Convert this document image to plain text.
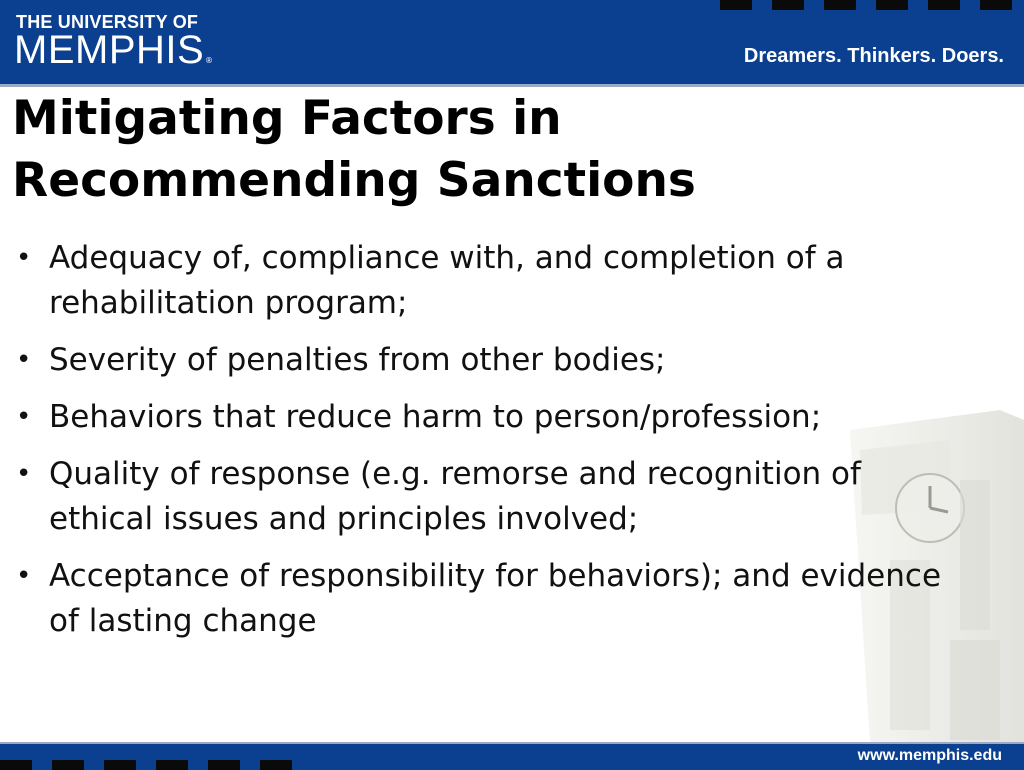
THE UNIVERSITY OF
MEMPHIS ®	Dreamers. Thinkers. Doers.
Mitigating Factors in
Recommending Sanctions
• Adequacy of, compliance with, and completion of a rehabilitation program;
• Severity of penalties from other bodies;
• Behaviors that reduce harm to person/profession;
• Quality of response (e.g. remorse and recognition of ethical issues and principles involved;
• Acceptance of responsibility for behaviors); and evidence of lasting change
www.memphis.edu
